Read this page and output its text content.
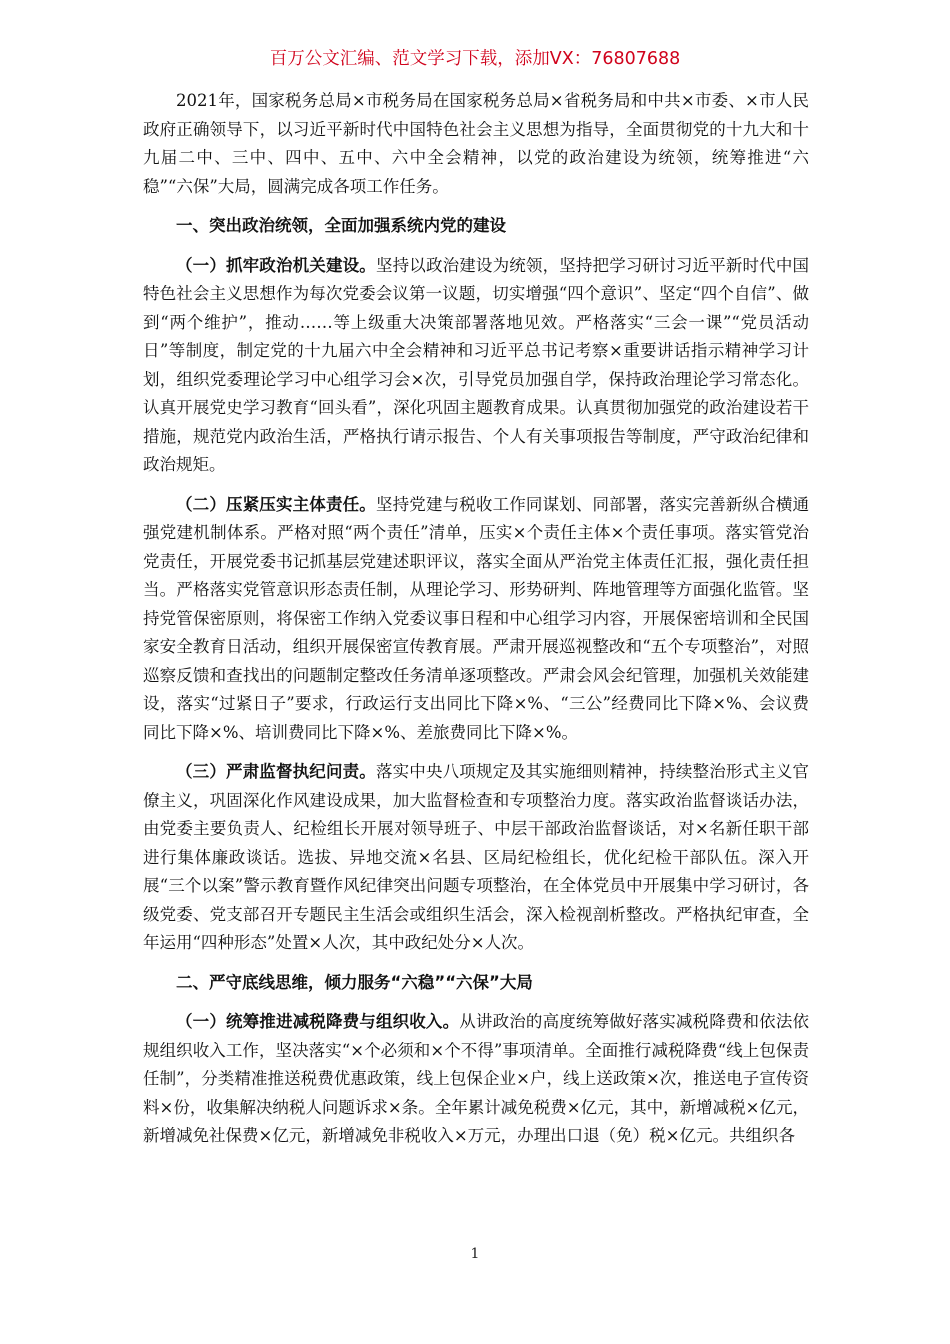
百万公文汇编、范文学习下载，添加VX：76807688

2021年，国家税务总局×市税务局在国家税务总局×省税务局和中共×市委、×市人民政府正确领导下，以习近平新时代中国特色社会主义思想为指导，全面贯彻党的十九大和十九届二中、三中、四中、五中、六中全会精神，以党的政治建设为统领，统筹推进“六稳”“六保”大局，圆满完成各项工作任务。

一、突出政治统领，全面加强系统内党的建设

（一）抓牢政治机关建设。坚持以政治建设为统领，坚持把学习研讨习近平新时代中国特色社会主义思想作为每次党委会议第一议题，切实增强“四个意识”、坚定“四个自信”、做到“两个维护”，推动……等上级重大决策部署落地见效。严格落实“三会一课”“党员活动日”等制度，制定党的十九届六中全会精神和习近平总书记考察×重要讲话指示精神学习计划，组织党委理论学习中心组学习会×次，引导党员加强自学，保持政治理论学习常态化。认真开展党史学习教育“回头看”，深化巩固主题教育成果。认真贯彻加强党的政治建设若干措施，规范党内政治生活，严格执行请示报告、个人有关事项报告等制度，严守政治纪律和政治规矩。

（二）压紧压实主体责任。坚持党建与税收工作同谋划、同部署，落实完善新纵合横通强党建机制体系。严格对照“两个责任”清单，压实×个责任主体×个责任事项。落实管党治党责任，开展党委书记抓基层党建述职评议，落实全面从严治党主体责任汇报，强化责任担当。严格落实党管意识形态责任制，从理论学习、形势研判、阵地管理等方面强化监管。坚持党管保密原则，将保密工作纳入党委议事日程和中心组学习内容，开展保密培训和全民国家安全教育日活动，组织开展保密宣传教育展。严肃开展巡视整改和“五个专项整治”，对照巡察反馈和查找出的问题制定整改任务清单逐项整改。严肃会风会纪管理，加强机关效能建设，落实“过紧日子”要求，行政运行支出同比下降×%、“三公”经费同比下降×%、会议费同比下降×%、培训费同比下降×%、差旅费同比下降×%。

（三）严肃监督执纪问责。落实中央八项规定及其实施细则精神，持续整治形式主义官僚主义，巩固深化作风建设成果，加大监督检查和专项整治力度。落实政治监督谈话办法，由党委主要负责人、纪检组长开展对领导班子、中层干部政治监督谈话，对×名新任职干部进行集体廉政谈话。选拔、异地交流×名县、区局纪检组长，优化纪检干部队伍。深入开展“三个以案”警示教育暨作风纪律突出问题专项整治，在全体党员中开展集中学习研讨，各级党委、党支部召开专题民主生活会或组织生活会，深入检视剖析整改。严格执纪审查，全年运用“四种形态”处置×人次，其中政纪处分×人次。

二、严守底线思维，倾力服务“六稳”“六保”大局

（一）统筹推进减税降费与组织收入。从讲政治的高度统筹做好落实减税降费和依法依规组织收入工作，坚决落实“×个必须和×个不得”事项清单。全面推行减税降费“线上包保责任制”，分类精准推送税费优惠政策，线上包保企业×户，线上送政策×次，推送电子宣传资料×份，收集解决纳税人问题诉求×条。全年累计减免税费×亿元，其中，新增减税×亿元，新增减免社保费×亿元，新增减免非税收入×万元，办理出口退（免）税×亿元。共组织各

1
